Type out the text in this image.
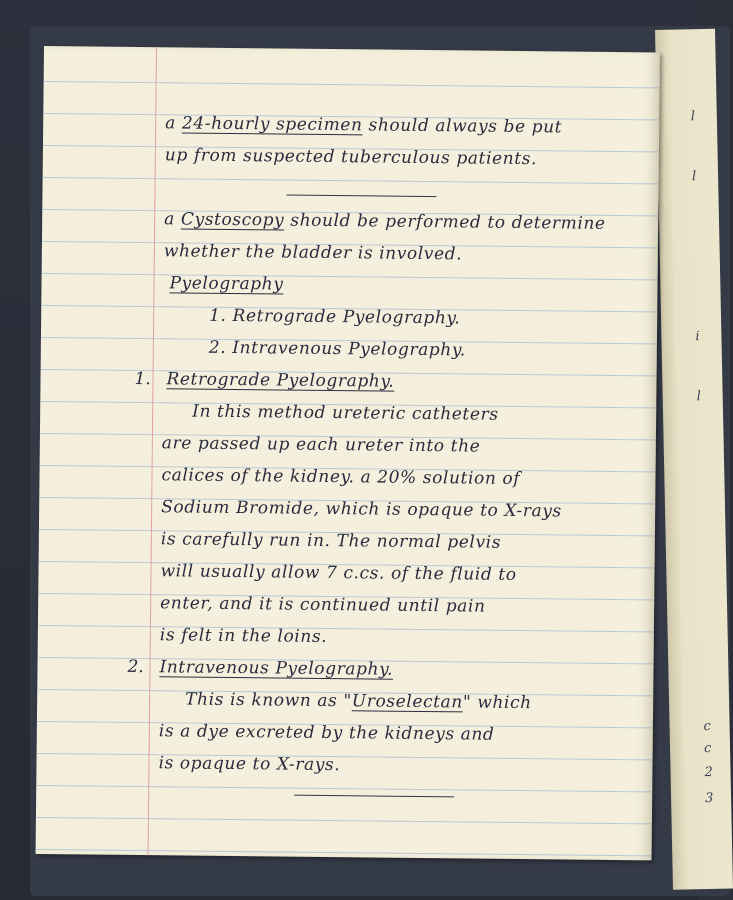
l
l
i
l
c
c
2
3
a 24-hourly specimen should always be put
up from suspected tuberculous patients.
a Cystoscopy should be performed to determine
whether the bladder is involved.
Pyelography
1. Retrograde Pyelography.
2. Intravenous Pyelography.
1. Retrograde Pyelography.
In this method ureteric catheters
are passed up each ureter into the
calices of the kidney. a 20% solution of
Sodium Bromide, which is opaque to X-rays
is carefully run in. The normal pelvis
will usually allow 7 c.cs. of the fluid to
enter, and it is continued until pain
is felt in the loins.
2. Intravenous Pyelography.
This is known as "Uroselectan" which
is a dye excreted by the kidneys and
is opaque to X-rays.
